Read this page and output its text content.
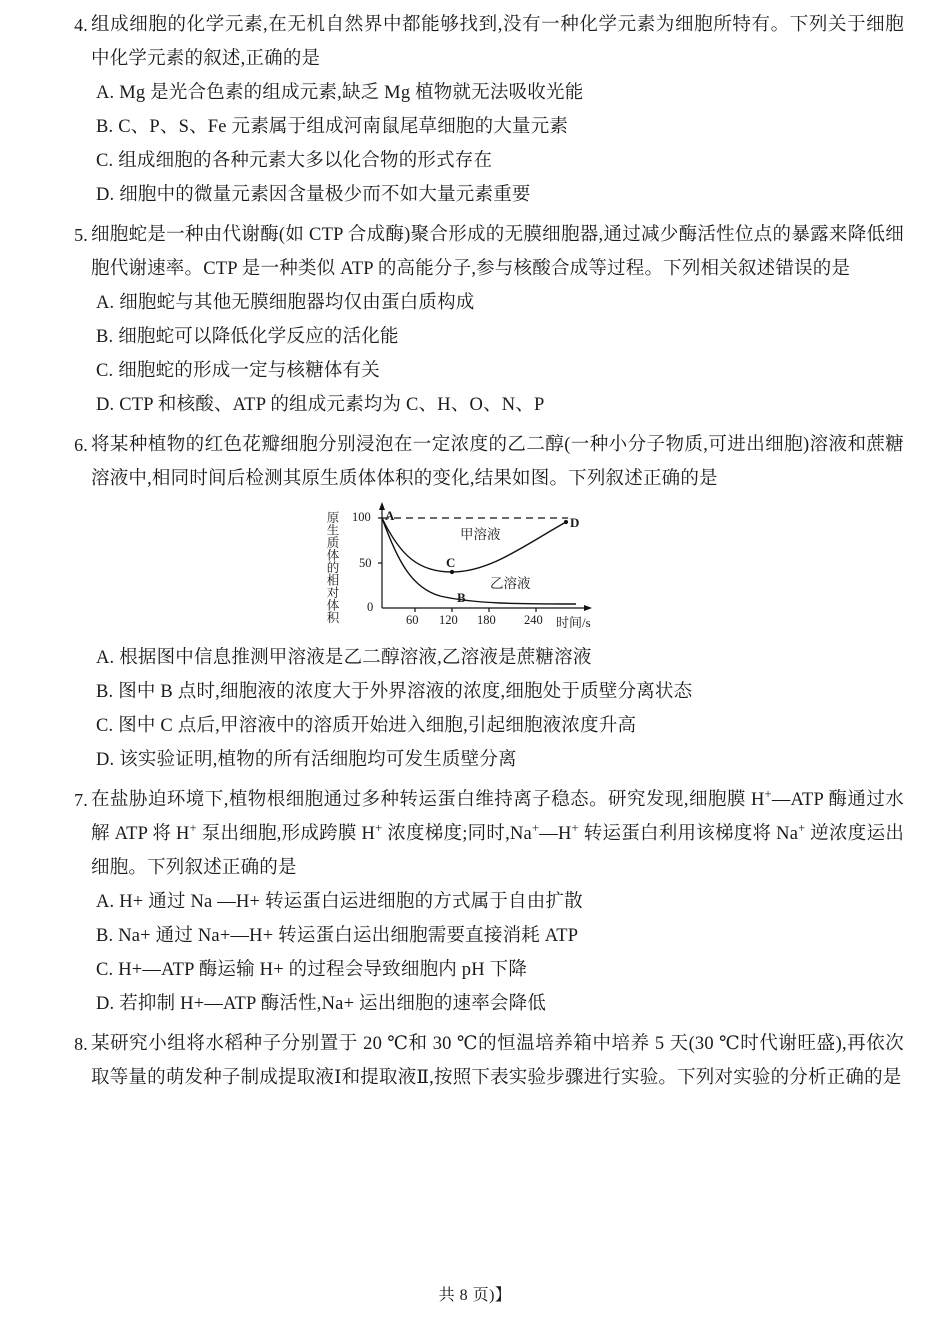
4. 组成细胞的化学元素,在无机自然界中都能够找到,没有一种化学元素为细胞所特有。下列关于细胞中化学元素的叙述,正确的是
A. Mg 是光合色素的组成元素,缺乏 Mg 植物就无法吸收光能
B. C、P、S、Fe 元素属于组成河南鼠尾草细胞的大量元素
C. 组成细胞的各种元素大多以化合物的形式存在
D. 细胞中的微量元素因含量极少而不如大量元素重要
5. 细胞蛇是一种由代谢酶(如 CTP 合成酶)聚合形成的无膜细胞器,通过减少酶活性位点的暴露来降低细胞代谢速率。CTP 是一种类似 ATP 的高能分子,参与核酸合成等过程。下列相关叙述错误的是
A. 细胞蛇与其他无膜细胞器均仅由蛋白质构成
B. 细胞蛇可以降低化学反应的活化能
C. 细胞蛇的形成一定与核糖体有关
D. CTP 和核酸、ATP 的组成元素均为 C、H、O、N、P
6. 将某种植物的红色花瓣细胞分别浸泡在一定浓度的乙二醇(一种小分子物质,可进出细胞)溶液和蔗糖溶液中,相同时间后检测其原生质体体积的变化,结果如图。下列叙述正确的是
原生质体的相对体积 100
50
0
60 120 180 240 时间/s
A
B
C
D
甲溶液
乙溶液
A. 根据图中信息推测甲溶液是乙二醇溶液,乙溶液是蔗糖溶液
B. 图中 B 点时,细胞液的浓度大于外界溶液的浓度,细胞处于质壁分离状态
C. 图中 C 点后,甲溶液中的溶质开始进入细胞,引起细胞液浓度升高
D. 该实验证明,植物的所有活细胞均可发生质壁分离
7. 在盐胁迫环境下,植物根细胞通过多种转运蛋白维持离子稳态。研究发现,细胞膜 H+—ATP 酶通过水解 ATP 将 H+ 泵出细胞,形成跨膜 H+ 浓度梯度;同时,Na+—H+ 转运蛋白利用该梯度将 Na+ 逆浓度运出细胞。下列叙述正确的是
A. H+ 通过 Na —H+ 转运蛋白运进细胞的方式属于自由扩散
B. Na+ 通过 Na+—H+ 转运蛋白运出细胞需要直接消耗 ATP
C. H+—ATP 酶运输 H+ 的过程会导致细胞内 pH 下降
D. 若抑制 H+—ATP 酶活性,Na+ 运出细胞的速率会降低
8. 某研究小组将水稻种子分别置于 20 ℃和 30 ℃的恒温培养箱中培养 5 天(30 ℃时代谢旺盛),再依次取等量的萌发种子制成提取液Ⅰ和提取液Ⅱ,按照下表实验步骤进行实验。下列对实验的分析正确的是
共 8 页)】
